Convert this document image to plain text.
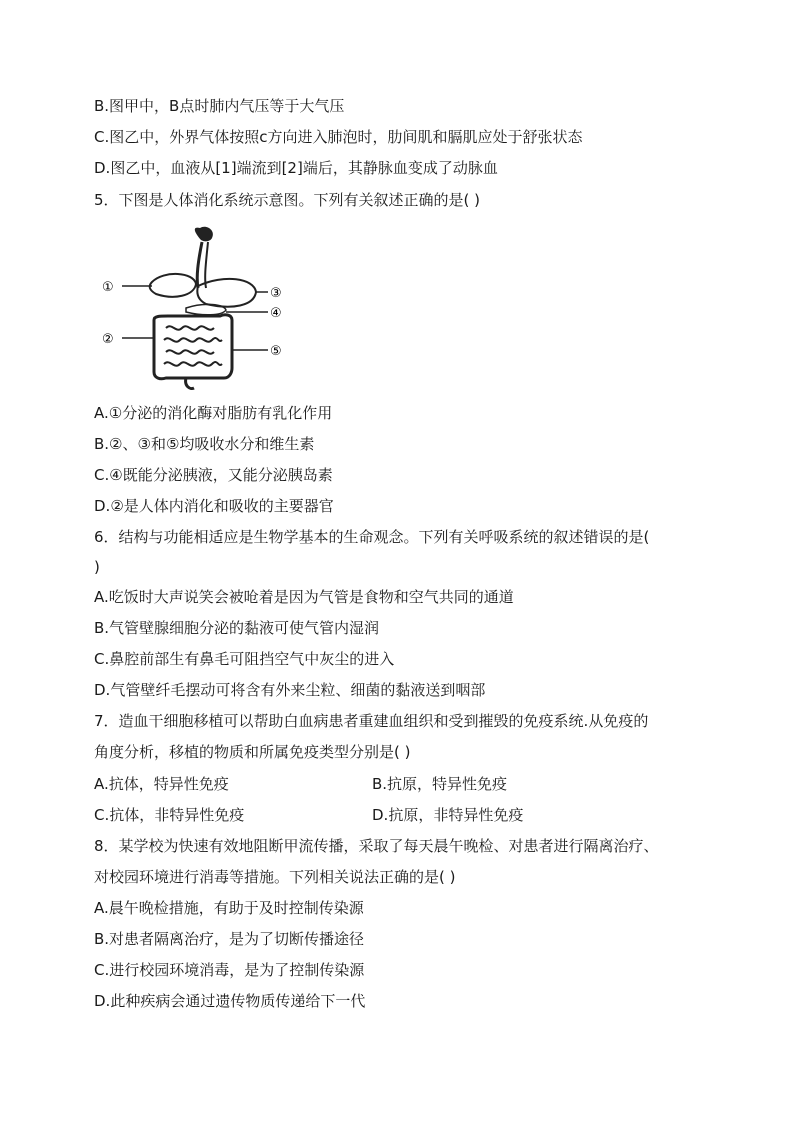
B.图甲中，B点时肺内气压等于大气压
C.图乙中，外界气体按照c方向进入肺泡时，肋间肌和膈肌应处于舒张状态
D.图乙中，血液从[1]端流到[2]端后，其静脉血变成了动脉血
5．下图是人体消化系统示意图。下列有关叙述正确的是( )
①
②
③
④
⑤
A.①分泌的消化酶对脂肪有乳化作用
B.②、③和⑤均吸收水分和维生素
C.④既能分泌胰液，又能分泌胰岛素
D.②是人体内消化和吸收的主要器官
6．结构与功能相适应是生物学基本的生命观念。下列有关呼吸系统的叙述错误的是(
)
A.吃饭时大声说笑会被呛着是因为气管是食物和空气共同的通道
B.气管壁腺细胞分泌的黏液可使气管内湿润
C.鼻腔前部生有鼻毛可阻挡空气中灰尘的进入
D.气管壁纤毛摆动可将含有外来尘粒、细菌的黏液送到咽部
7．造血干细胞移植可以帮助白血病患者重建血组织和受到摧毁的免疫系统.从免疫的
角度分析，移植的物质和所属免疫类型分别是( )
A.抗体，特异性免疫	B.抗原，特异性免疫
C.抗体，非特异性免疫	D.抗原，非特异性免疫
8．某学校为快速有效地阻断甲流传播，采取了每天晨午晚检、对患者进行隔离治疗、
对校园环境进行消毒等措施。下列相关说法正确的是( )
A.晨午晚检措施，有助于及时控制传染源
B.对患者隔离治疗，是为了切断传播途径
C.进行校园环境消毒，是为了控制传染源
D.此种疾病会通过遗传物质传递给下一代
